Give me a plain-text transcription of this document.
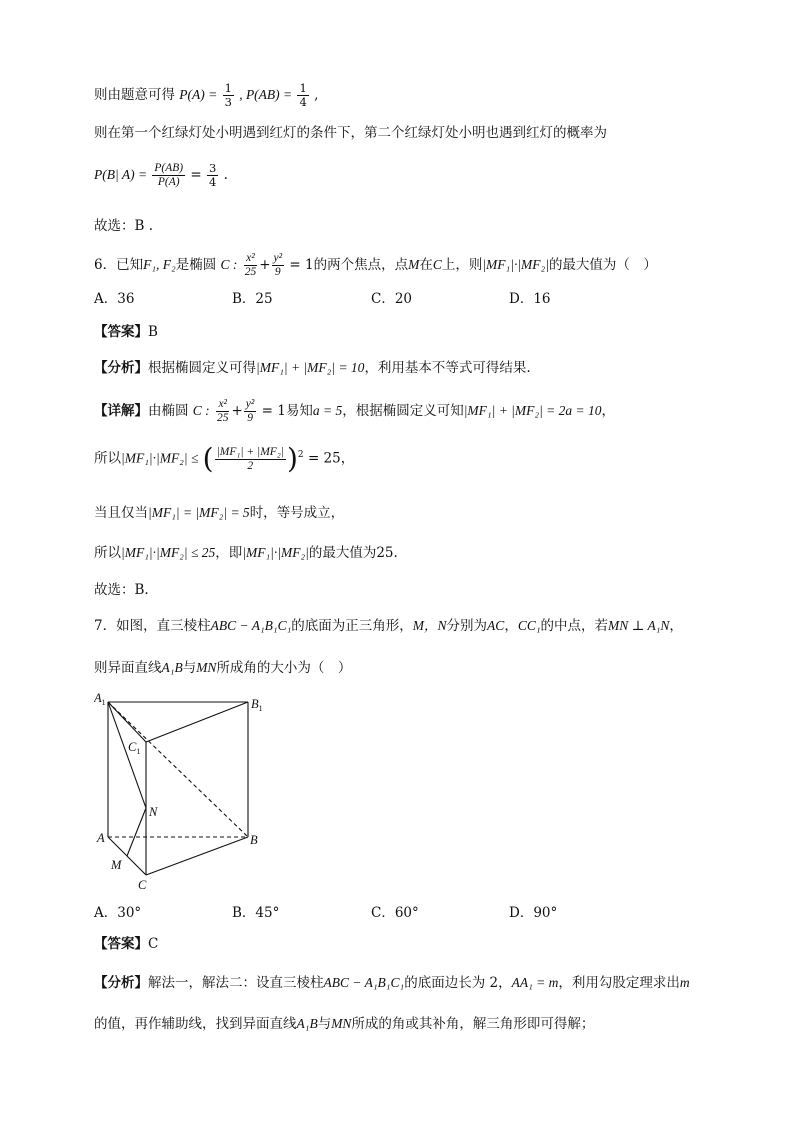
则由题意可得 $P(A) = \frac{1}{3}$ , $P(AB) = \frac{1}{4}$ ,
则在第一个红绿灯处小明遇到红灯的条件下，第二个红绿灯处小明也遇到红灯的概率为
P(B| $A) = \frac{P(AB)}{P(A)} = \frac{3}{4}$ .
故选：B .
6．已知F₁, F₂是椭圆 C : $\frac{\text{x²}}{25} + \frac{\text{y²}}{9} = 1$的两个焦点，点M在C上，则|MF₁|·|MF₂|的最大值为（　）
A．36	B．25	C．20	D．16
【答案】B
【分析】根据椭圆定义可得|MF₁| + |MF₂| = 10，利用基本不等式可得结果.
【详解】由椭圆 C : $\frac{\text{x²}}{25} + \frac{\text{y²}}{9} = 1$易知a = 5，根据椭圆定义可知|MF₁| + |MF₂| = 2a = 10，
所以|MF₁|·|MF₂| ≤ ( $\frac{\text{|MF₁| + |MF₂|}}{2} )^2 = 25$，
当且仅当|MF₁| = |MF₂| = 5时，等号成立，
所以|MF₁|·|MF₂| ≤ 25，即|MF₁|·|MF₂|的最大值为25.
故选：B.
7．如图，直三棱柱ABC − A₁B₁C₁的底面为正三角形，M，N分别为AC，CC₁的中点，若MN ⊥ A₁N，
则异面直线A₁B与MN所成角的大小为（　）
$A_1$	$B_1$
$C_1$
N
A	B
M
C
A．30°	B．45°	C．60°	D．90°
【答案】C
【分析】解法一，解法二：设直三棱柱ABC − A₁B₁C₁的底面边长为 2，AA₁ = m，利用勾股定理求出m
的值，再作辅助线，找到异面直线A₁B与MN所成的角或其补角，解三角形即可得解；
